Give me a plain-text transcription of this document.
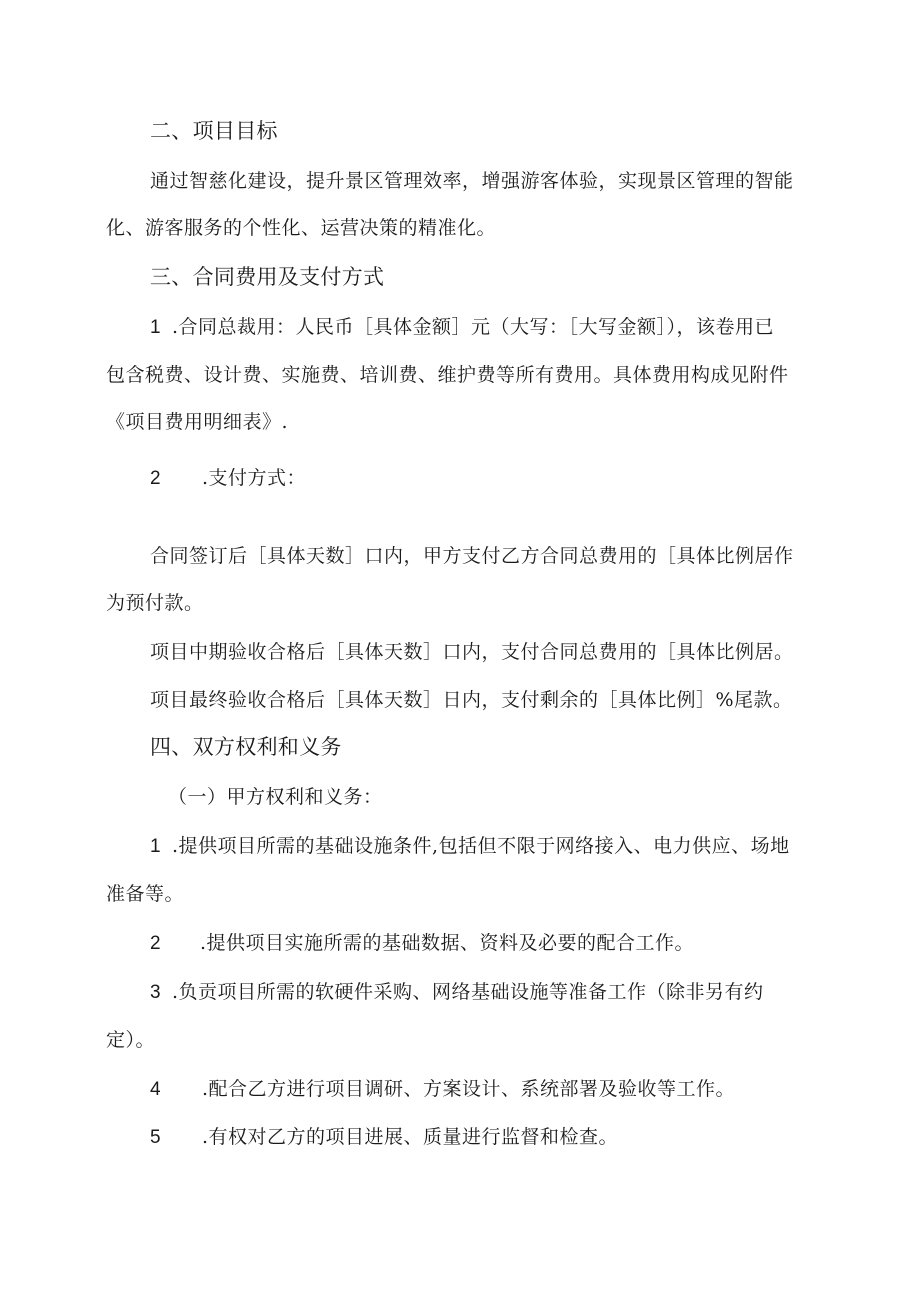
二、项目目标

通过智慈化建设，提升景区管理效率，增强游客体验，实现景区管理的智能

化、游客服务的个性化、运营决策的精准化。

三、合同费用及支付方式

1 .合同总裁用：人民币［具体金额］元（大写：［大写金额］），该卷用已

包含税费、设计费、实施费、培训费、维护费等所有费用。具体费用构成见附件

《项目费用明细表》.

2 .支付方式：

合同签订后［具体天数］口内，甲方支付乙方合同总费用的［具体比例居作

为预付款。

项目中期验收合格后［具体天数］口内，支付合同总费用的［具体比例居。

项目最终验收合格后［具体天数］日内，支付剩余的［具体比例］%尾款。

四、双方权利和义务

（一）甲方权利和义务：

1 .提供项目所需的基础设施条件,包括但不限于网络接入、电力供应、场地

准备等。

2 .提供项目实施所需的基础数据、资料及必要的配合工作。

3 .负贡项目所需的软硬件采购、网络基础设施等准备工作（除非另有约

定）。

4 .配合乙方进行项目调研、方案设计、系统部署及验收等工作。

5 .有权对乙方的项目进展、质量进行监督和检查。
